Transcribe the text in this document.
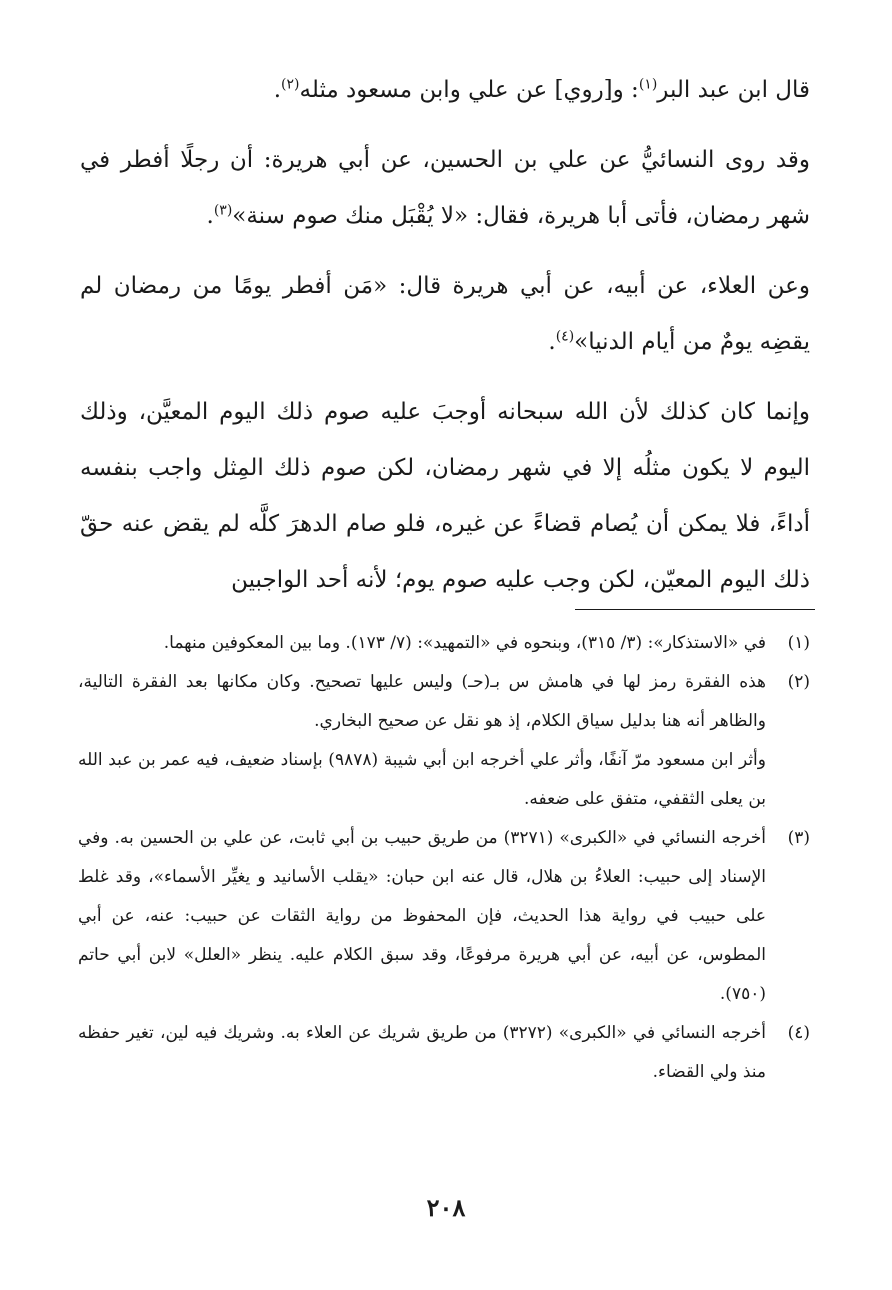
قال ابن عبد البر$^{(١)}$: و[روي] عن علي وابن مسعود مثله$^{(٢)}$.

وقد روى النسائيُّ عن علي بن الحسين، عن أبي هريرة: أن رجلًا أفطر في شهر رمضان، فأتى أبا هريرة، فقال: «لا يُقْبَل منك صوم سنة»$^{(٣)}$.

وعن العلاء، عن أبيه، عن أبي هريرة قال: «مَن أفطر يومًا من رمضان لم يقضِه يومٌ من أيام الدنيا»$^{(٤)}$.

وإنما كان كذلك لأن الله سبحانه أوجبَ عليه صوم ذلك اليوم المعيَّن، وذلك اليوم لا يكون مثلُه إلا في شهر رمضان، لكن صوم ذلك المِثل واجب بنفسه أداءً، فلا يمكن أن يُصام قضاءً عن غيره، فلو صام الدهرَ كلَّه لم يقض عنه حقّ ذلك اليوم المعيّن، لكن وجب عليه صوم يوم؛ لأنه أحد الواجبين

(١)

في «الاستذكار»: (٣/ ٣١٥)، وبنحوه في «التمهيد»: (٧/ ١٧٣). وما بين المعكوفين منهما.

(٢)

هذه الفقرة رمز لها في هامش س بـ(حـ) وليس عليها تصحيح. وكان مكانها بعد الفقرة التالية، والظاهر أنه هنا بدليل سياق الكلام، إذ هو نقل عن صحيح البخاري.

وأثر ابن مسعود مرّ آنفًا، وأثر علي أخرجه ابن أبي شيبة (٩٨٧٨) بإسناد ضعيف، فيه عمر بن عبد الله بن يعلى الثقفي، متفق على ضعفه.

(٣)

أخرجه النسائي في «الكبرى» (٣٢٧١) من طريق حبيب بن أبي ثابت، عن علي بن الحسين به. وفي الإسناد إلى حبيب: العلاءُ بن هلال، قال عنه ابن حبان: «يقلب الأسانيد و يغيِّر الأسماء»، وقد غلط على حبيب في رواية هذا الحديث، فإن المحفوظ من رواية الثقات عن حبيب: عنه، عن أبي المطوس، عن أبيه، عن أبي هريرة مرفوعًا، وقد سبق الكلام عليه. ينظر «العلل» لابن أبي حاتم (٧٥٠).

(٤)

أخرجه النسائي في «الكبرى» (٣٢٧٢) من طريق شريك عن العلاء به. وشريك فيه لين، تغير حفظه منذ ولي القضاء.

٢٠٨
